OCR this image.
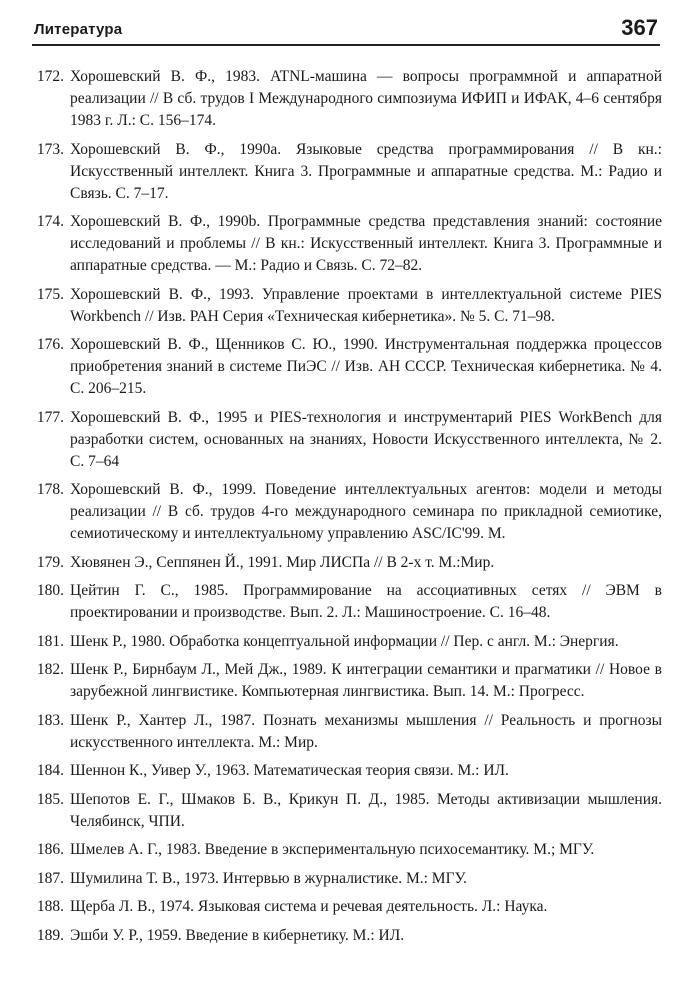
Литература	367
172. Хорошевский В. Ф., 1983. ATNL-машина — вопросы программной и аппаратной реализации // В сб. трудов I Международного симпозиума ИФИП и ИФАК, 4–6 сентября 1983 г. Л.: С. 156–174.
173. Хорошевский В. Ф., 1990a. Языковые средства программирования // В кн.: Искусственный интеллект. Книга 3. Программные и аппаратные средства. М.: Радио и Связь. С. 7–17.
174. Хорошевский В. Ф., 1990b. Программные средства представления знаний: состояние исследований и проблемы // В кн.: Искусственный интеллект. Книга 3. Программные и аппаратные средства. — М.: Радио и Связь. С. 72–82.
175. Хорошевский В. Ф., 1993. Управление проектами в интеллектуальной системе PIES Workbench // Изв. РАН Серия «Техническая кибернетика». № 5. С. 71–98.
176. Хорошевский В. Ф., Щенников С. Ю., 1990. Инструментальная поддержка процессов приобретения знаний в системе ПиЭС // Изв. АН СССР. Техническая кибернетика. № 4. С. 206–215.
177. Хорошевский В. Ф., 1995 и PIES-технология и инструментарий PIES WorkBench для разработки систем, основанных на знаниях, Новости Искусственного интеллекта, № 2. С. 7–64
178. Хорошевский В. Ф., 1999. Поведение интеллектуальных агентов: модели и методы реализации // В сб. трудов 4-го международного семинара по прикладной семиотике, семиотическому и интеллектуальному управлению ASC/IC'99. М.
179. Хювянен Э., Сеппянен Й., 1991. Мир ЛИСПа // В 2-х т. М.:Мир.
180. Цейтин Г. С., 1985. Программирование на ассоциативных сетях // ЭВМ в проектировании и производстве. Вып. 2. Л.: Машиностроение. С. 16–48.
181. Шенк Р., 1980. Обработка концептуальной информации // Пер. с англ. М.: Энергия.
182. Шенк Р., Бирнбаум Л., Мей Дж., 1989. К интеграции семантики и прагматики // Новое в зарубежной лингвистике. Компьютерная лингвистика. Вып. 14. М.: Прогресс.
183. Шенк Р., Хантер Л., 1987. Познать механизмы мышления // Реальность и прогнозы искусственного интеллекта. М.: Мир.
184. Шеннон К., Уивер У., 1963. Математическая теория связи. М.: ИЛ.
185. Шепотов Е. Г., Шмаков Б. В., Крикун П. Д., 1985. Методы активизации мышления. Челябинск, ЧПИ.
186. Шмелев А. Г., 1983. Введение в экспериментальную психосемантику. М.; МГУ.
187. Шумилина Т. В., 1973. Интервью в журналистике. М.: МГУ.
188. Щерба Л. В., 1974. Языковая система и речевая деятельность. Л.: Наука.
189. Эшби У. Р., 1959. Введение в кибернетику. М.: ИЛ.
